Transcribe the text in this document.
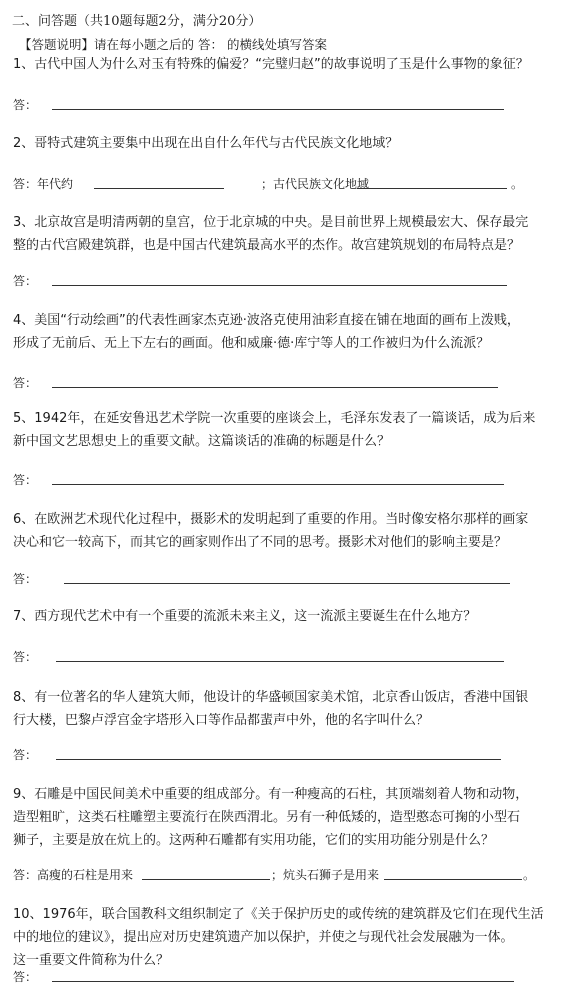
二、问答题（共10题每题2分，满分20分）
【答题说明】请在每小题之后的 答： 的横线处填写答案
1、古代中国人为什么对玉有特殊的偏爱？“完璧归赵”的故事说明了玉是什么事物的象征？
答：
2、哥特式建筑主要集中出现在出自什么年代与古代民族文化地域？
答：年代约	；古代民族文化地域	。
3、北京故宫是明清两朝的皇宫，位于北京城的中央。是目前世界上规模最宏大、保存最完
整的古代宫殿建筑群，也是中国古代建筑最高水平的杰作。故宫建筑规划的布局特点是？
答：
4、美国“行动绘画”的代表性画家杰克逊·波洛克使用油彩直接在铺在地面的画布上泼贱，
形成了无前后、无上下左右的画面。他和威廉·德·库宁等人的工作被归为什么流派？
答：
5、1942年，在延安鲁迅艺术学院一次重要的座谈会上，毛泽东发表了一篇谈话，成为后来
新中国文艺思想史上的重要文献。这篇谈话的准确的标题是什么？
答：
6、在欧洲艺术现代化过程中，摄影术的发明起到了重要的作用。当时像安格尔那样的画家
决心和它一较高下，而其它的画家则作出了不同的思考。摄影术对他们的影响主要是？
答：
7、西方现代艺术中有一个重要的流派未来主义，这一流派主要诞生在什么地方？
答：
8、有一位著名的华人建筑大师，他设计的华盛顿国家美术馆，北京香山饭店，香港中国银
行大楼，巴黎卢浮宫金字塔形入口等作品都蜚声中外，他的名字叫什么？
答：
9、石雕是中国民间美术中重要的组成部分。有一种瘦高的石柱，其顶端刻着人物和动物，
造型粗旷，这类石柱雕塑主要流行在陕西渭北。另有一种低矮的，造型憨态可掬的小型石
狮子，主要是放在炕上的。这两种石雕都有实用功能，它们的实用功能分别是什么？
答：高瘦的石柱是用来	；炕头石狮子是用来	。
10、1976年，联合国教科文组织制定了《关于保护历史的或传统的建筑群及它们在现代生活
中的地位的建议》，提出应对历史建筑遗产加以保护，并使之与现代社会发展融为一体。
这一重要文件简称为什么？
答：
